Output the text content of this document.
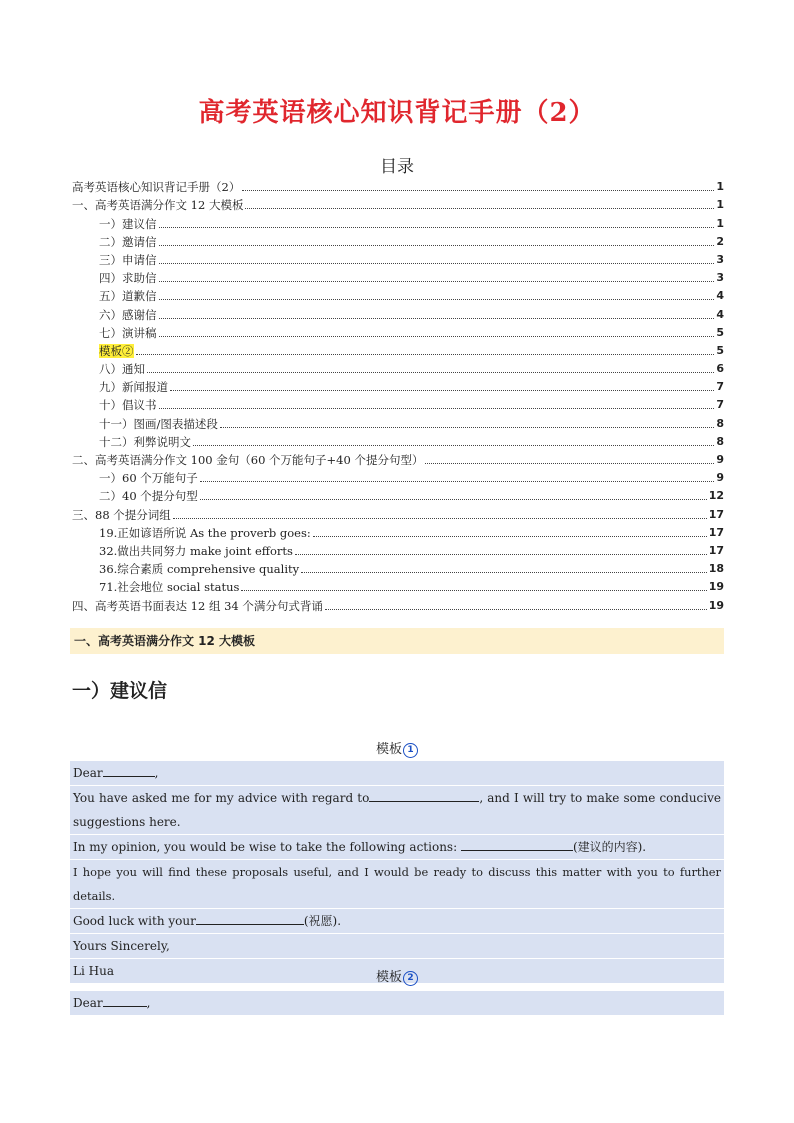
高考英语核心知识背记手册（2）
目录
高考英语核心知识背记手册（2）	1
一、高考英语满分作文 12 大模板	1
一）建议信	1
二）邀请信	2
三）申请信	3
四）求助信	3
五）道歉信	4
六）感谢信	4
七）演讲稿	5
模板②	5
八）通知	6
九）新闻报道	7
十）倡议书	7
十一）图画/图表描述段	8
十二）利弊说明文	8
二、高考英语满分作文 100 金句（60 个万能句子+40 个提分句型）	9
一）60 个万能句子	9
二）40 个提分句型	12
三、88 个提分词组	17
19.正如谚语所说 As the proverb goes:	17
32.做出共同努力 make joint efforts	17
36.综合素质 comprehensive quality	18
71.社会地位 social status	19
四、高考英语书面表达 12 组 34 个满分句式背诵	19
一、高考英语满分作文 12 大模板
一）建议信
模板 1
Dear	,
You have asked me for my advice with regard to	, and I will try to make some conducive suggestions here.
In my opinion, you would be wise to take the following actions:	(建议的内容).
I hope you will find these proposals useful, and I would be ready to discuss this matter with you to further details.
Good luck with your	(祝愿).
Yours Sincerely,
Li Hua	模板 2
Dear	,
